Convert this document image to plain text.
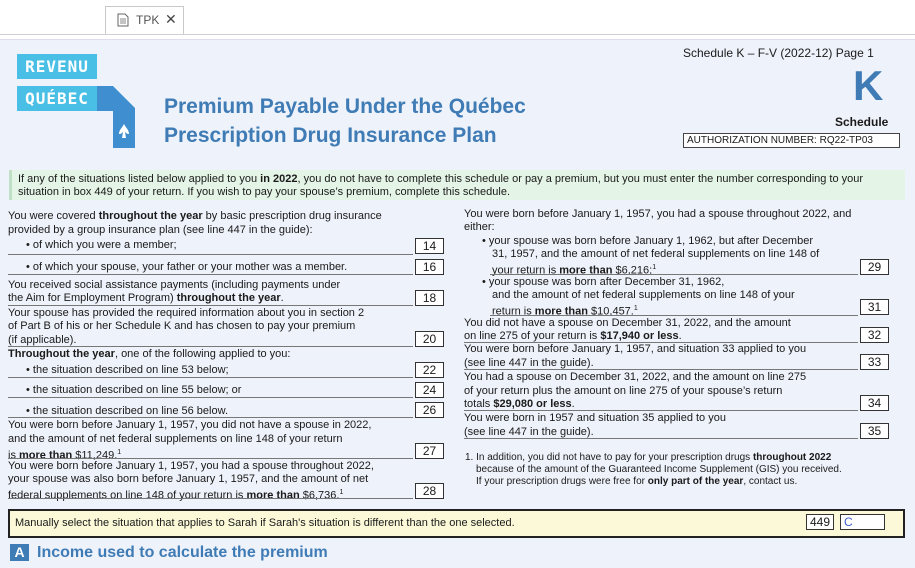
TPK ✕
REVENU
QUÉBEC	Premium Payable Under the Québec
Prescription Drug Insurance Plan
Schedule K – F-V (2022-12) Page 1
K
Schedule
AUTHORIZATION NUMBER: RQ22-TP03
If any of the situations listed below applied to you in 2022, you do not have to complete this schedule or pay a premium, but you must enter the number corresponding to your situation in box 449 of your return. If you wish to pay your spouse’s premium, complete this schedule.
You were covered throughout the year by basic prescription drug insurance
provided by a group insurance plan (see line 447 in the guide):
• of which you were a member;	14
• of which your spouse, your father or your mother was a member.	16
You received social assistance payments (including payments under
the Aim for Employment Program) throughout the year.	18
Your spouse has provided the required information about you in section 2
of Part B of his or her Schedule K and has chosen to pay your premium
(if applicable).	20
Throughout the year, one of the following applied to you:
• the situation described on line 53 below;	22
• the situation described on line 55 below; or	24
• the situation described on line 56 below.	26
You were born before January 1, 1957, you did not have a spouse in 2022,
and the amount of net federal supplements on line 148 of your return
is more than $11,249.$^1$	27
You were born before January 1, 1957, you had a spouse throughout 2022,
your spouse was also born before January 1, 1957, and the amount of net
federal supplements on line 148 of your return is more than $6,736.$^1$	28
You were born before January 1, 1957, you had a spouse throughout 2022, and
either:
• your spouse was born before January 1, 1962, but after December
31, 1957, and the amount of net federal supplements on line 148 of
your return is more than $6,216;$^1$	29
• your spouse was born after December 31, 1962,
and the amount of net federal supplements on line 148 of your
return is more than $10,457.$^1$	31
You did not have a spouse on December 31, 2022, and the amount
on line 275 of your return is $17,940 or less.	32
You were born before January 1, 1957, and situation 33 applied to you
(see line 447 in the guide).	33
You had a spouse on December 31, 2022, and the amount on line 275
of your return plus the amount on line 275 of your spouse’s return
totals $29,080 or less.	34
You were born in 1957 and situation 35 applied to you
(see line 447 in the guide).	35
1. In addition, you did not have to pay for your prescription drugs throughout 2022
because of the amount of the Guaranteed Income Supplement (GIS) you received.
If your prescription drugs were free for only part of the year, contact us.
Manually select the situation that applies to Sarah if Sarah's situation is different than the one selected.	449	C
A Income used to calculate the premium
